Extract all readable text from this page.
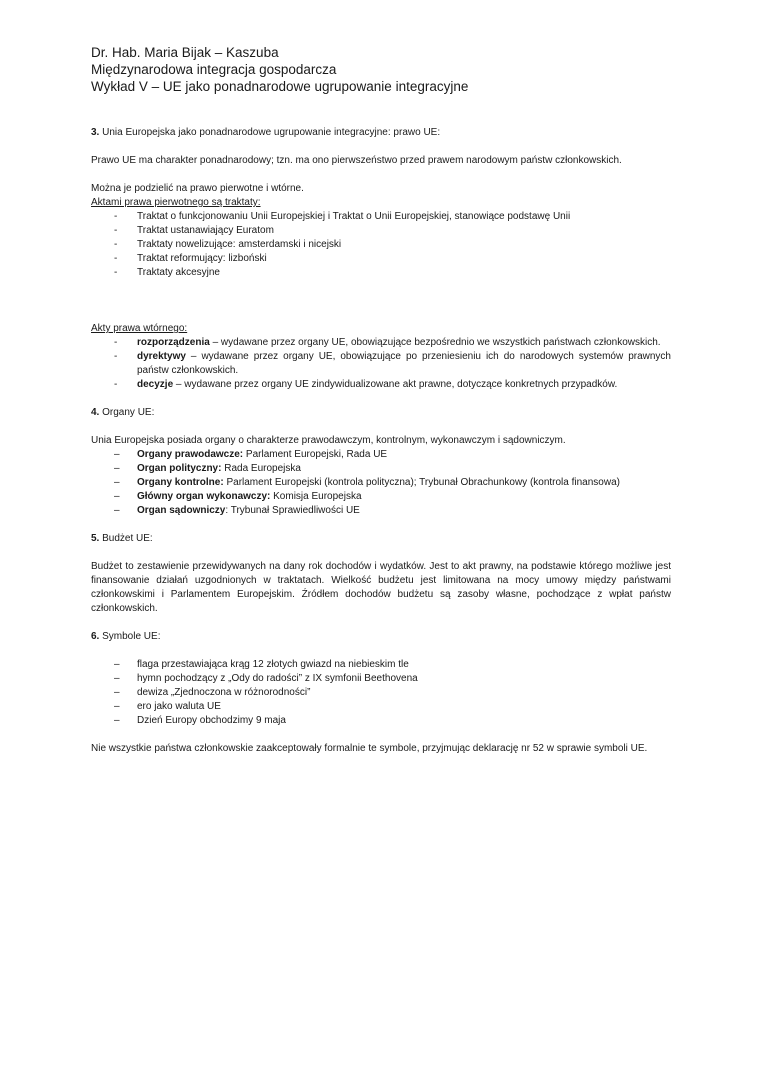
Dr. Hab. Maria Bijak – Kaszuba
Międzynarodowa integracja gospodarcza
Wykład V – UE jako ponadnarodowe ugrupowanie integracyjne

3. Unia Europejska jako ponadnarodowe ugrupowanie integracyjne: prawo UE:

Prawo UE ma charakter ponadnarodowy; tzn. ma ono pierwszeństwo przed prawem narodowym państw członkowskich.

Można je podzielić na prawo pierwotne i wtórne.

Aktami prawa pierwotnego są traktaty:

- Traktat o funkcjonowaniu Unii Europejskiej i Traktat o Unii Europejskiej, stanowiące podstawę Unii
- Traktat ustanawiający Euratom
- Traktaty nowelizujące: amsterdamski i nicejski
- Traktat reformujący: lizboński
- Traktaty akcesyjne

Akty prawa wtórnego:

- rozporządzenia – wydawane przez organy UE, obowiązujące bezpośrednio we wszystkich państwach członkowskich.
- dyrektywy – wydawane przez organy UE, obowiązujące po przeniesieniu ich do narodowych systemów prawnych państw członkowskich.
- decyzje – wydawane przez organy UE zindywidualizowane akt prawne, dotyczące konkretnych przypadków.

4. Organy UE:

Unia Europejska posiada organy o charakterze prawodawczym, kontrolnym, wykonawczym i sądowniczym.

– Organy prawodawcze: Parlament Europejski, Rada UE
– Organ polityczny: Rada Europejska
– Organy kontrolne: Parlament Europejski (kontrola polityczna); Trybunał Obrachunkowy (kontrola finansowa)
– Główny organ wykonawczy: Komisja Europejska
– Organ sądowniczy: Trybunał Sprawiedliwości UE

5. Budżet UE:

Budżet to zestawienie przewidywanych na dany rok dochodów i wydatków. Jest to akt prawny, na podstawie którego możliwe jest finansowanie działań uzgodnionych w traktatach. Wielkość budżetu jest limitowana na mocy umowy między państwami członkowskimi i Parlamentem Europejskim. Źródłem dochodów budżetu są zasoby własne, pochodzące z wpłat państw członkowskich.

6. Symbole UE:

– flaga przestawiająca krąg 12 złotych gwiazd na niebieskim tle
– hymn pochodzący z „Ody do radości” z IX symfonii Beethovena
– dewiza „Zjednoczona w różnorodności”
– ero jako waluta UE
– Dzień Europy obchodzimy 9 maja

Nie wszystkie państwa członkowskie zaakceptowały formalnie te symbole, przyjmując deklarację nr 52 w sprawie symboli UE.
